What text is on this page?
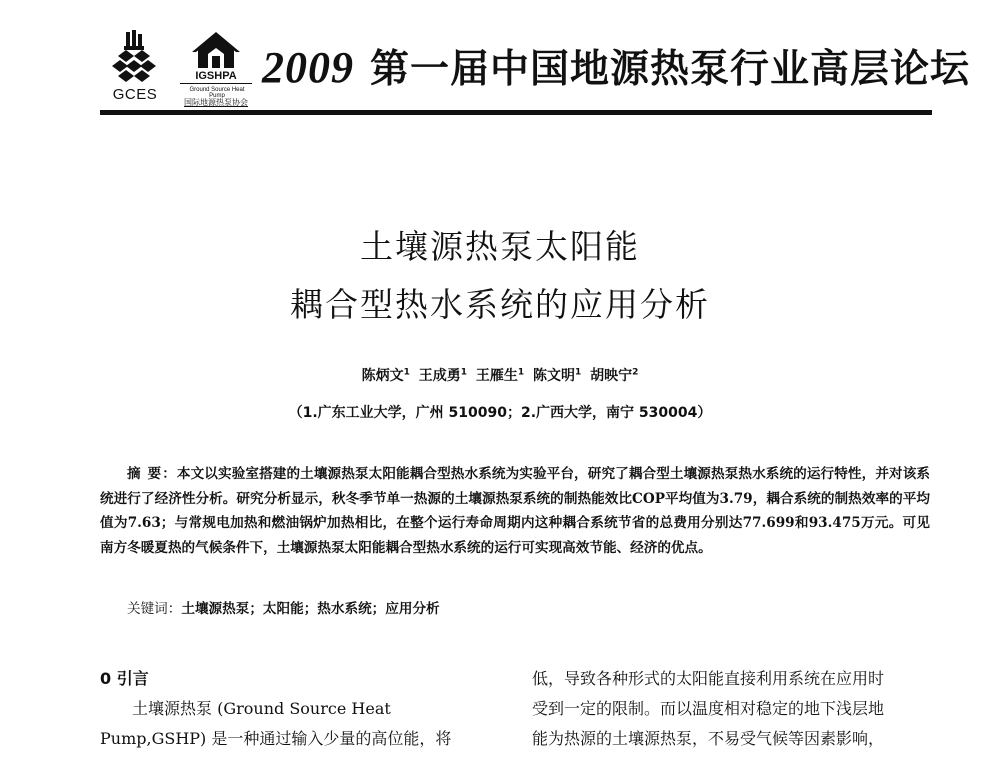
GCES
IGSHPA
Ground Source Heat Pump
国际地源热泵协会
2009 第一届中国地源热泵行业高层论坛
土壤源热泵太阳能
耦合型热水系统的应用分析
陈炳文$^1$ 王成勇$^1$ 王雁生$^1$ 陈文明$^1$ 胡映宁$^2$
（1.广东工业大学，广州 510090；2.广西大学，南宁 530004）

摘 要：本文以实验室搭建的土壤源热泵太阳能耦合型热水系统为实验平台，研究了耦合型土壤源热泵热水系统的运行特性，并对该系统进行了经济性分析。研究分析显示，秋冬季节单一热源的土壤源热泵系统的制热能效比COP平均值为3.79，耦合系统的制热效率的平均值为7.63；与常规电加热和燃油锅炉加热相比，在整个运行寿命周期内这种耦合系统节省的总费用分别达77.699和93.475万元。可见南方冬暖夏热的气候条件下，土壤源热泵太阳能耦合型热水系统的运行可实现高效节能、经济的优点。

关键词：土壤源热泵；太阳能；热水系统；应用分析
0 引言
土壤源热泵 (Ground Source Heat
Pump,GSHP) 是一种通过输入少量的高位能，将
低，导致各种形式的太阳能直接利用系统在应用时
受到一定的限制。而以温度相对稳定的地下浅层地
能为热源的土壤源热泵，不易受气候等因素影响，
